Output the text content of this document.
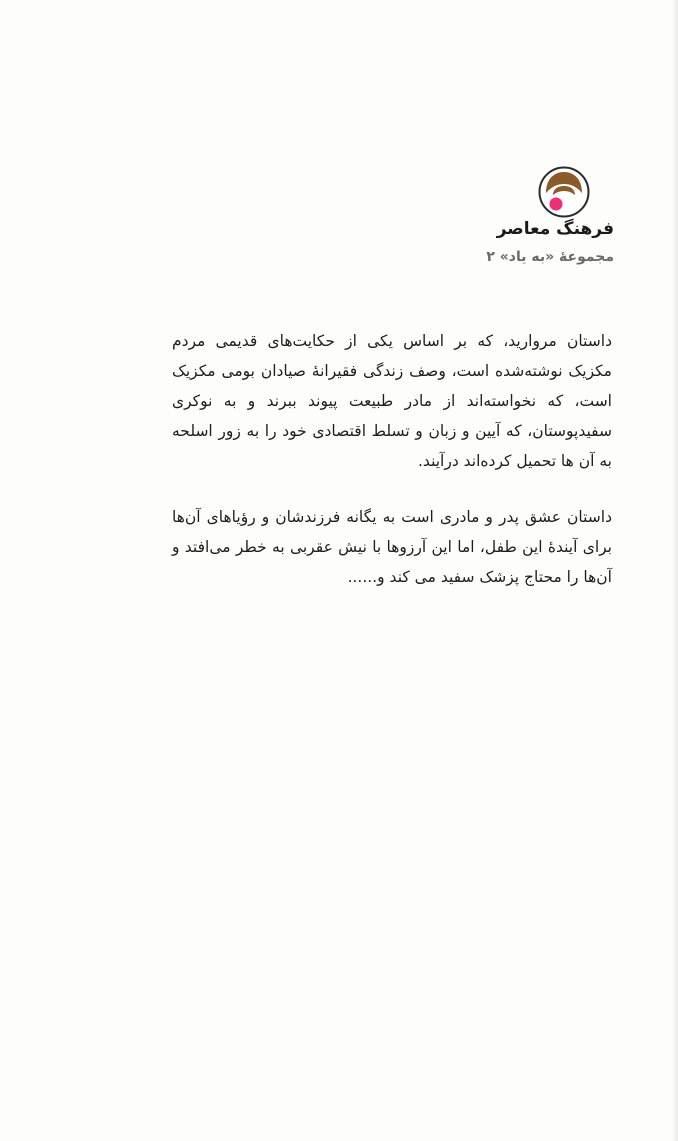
فرهنگ معاصر
مجموعهٔ «به یاد» ۲

داستان مروارید، که بر اساس یکی از حکایت‌های قدیمی مردم مکزیک نوشته‌شده است، وصف زندگی فقیرانهٔ صیادان بومی مکزیک است، که نخواسته‌اند از مادر طبیعت پیوند ببرند و به نوکری سفیدپوستان، که آیین و زبان و تسلط اقتصادی خود را به زور اسلحه به آن ها تحمیل کرده‌اند درآیند.

داستان عشق پدر و مادری است به یگانه فرزندشان و رؤیاهای آن‌ها برای آیندهٔ این طفل، اما این آرزوها با نیش عقربی به خطر می‌افتد و آن‌ها را محتاج پزشک سفید می کند و......
